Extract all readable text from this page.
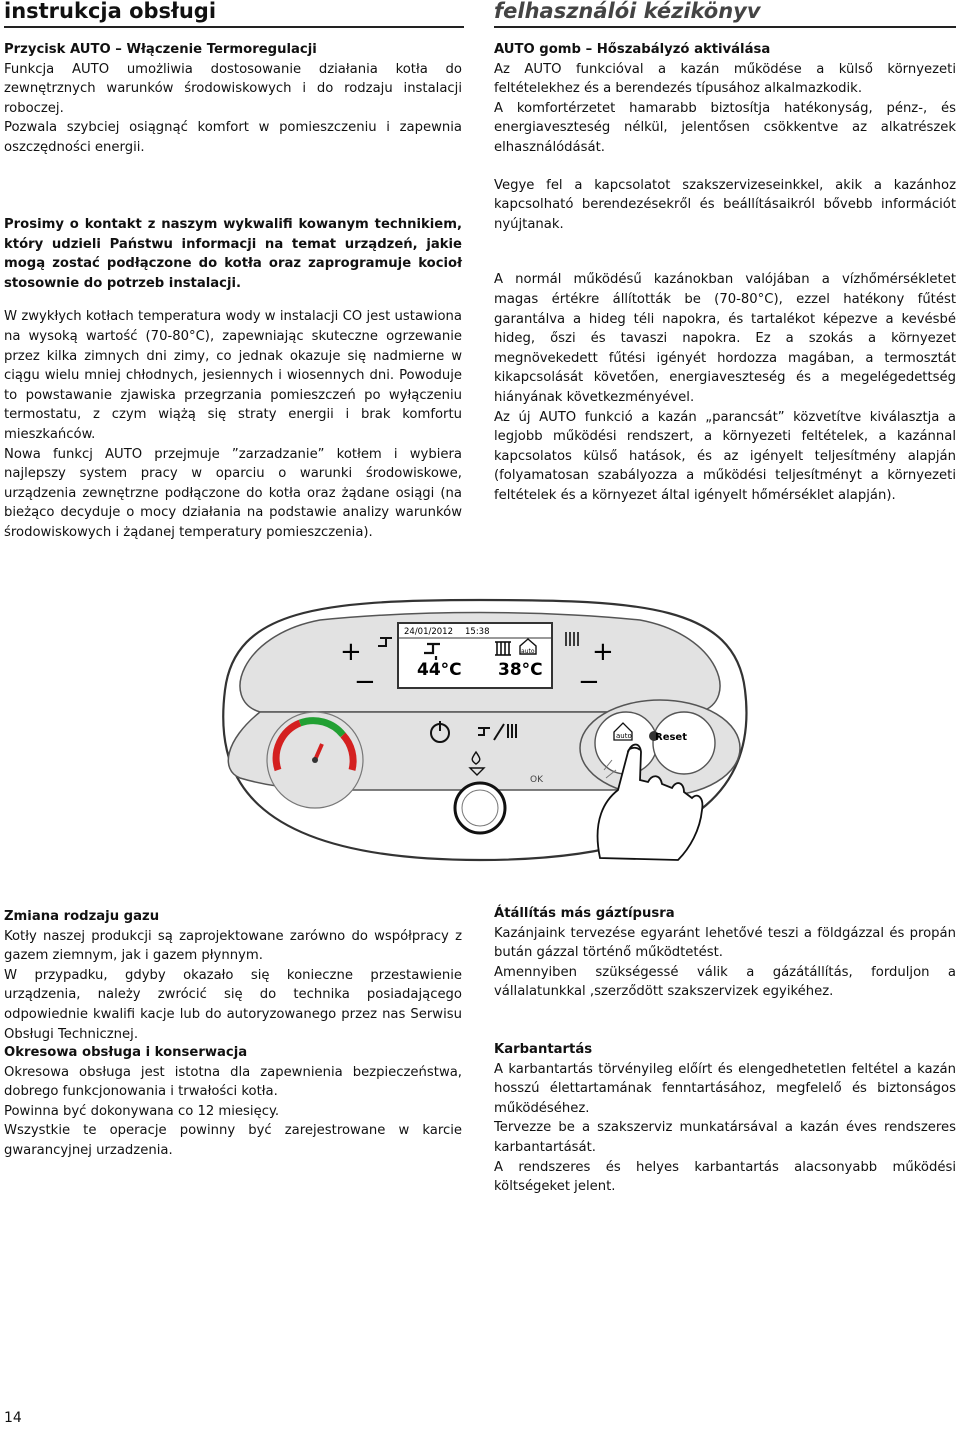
instrukcja obsługi	felhasználói kézikönyv

Przycisk AUTO – Włączenie Termoregulacji

Funkcja AUTO umożliwia dostosowanie działania kotła do zewnętrznych warunków środowiskowych i do rodzaju instalacji roboczej.

Pozwala szybciej osiągnąć komfort w pomieszczeniu i zapewnia oszczędności energii.

Prosimy o kontakt z naszym wykwalifi kowanym technikiem, który udzieli Państwu informacji na temat urządzeń, jakie mogą zostać podłączone do kotła oraz zaprogramuje kocioł stosownie do potrzeb instalacji.

W zwykłych kotłach temperatura wody w instalacji CO jest ustawiona na wysoką wartość (70-80°C), zapewniając skuteczne ogrzewanie przez kilka zimnych dni zimy, co jednak okazuje się nadmierne w ciągu wielu mniej chłodnych, jesiennych i wiosennych dni. Powoduje to powstawanie zjawiska przegrzania pomieszczeń po wyłączeniu termostatu, z czym wiążą się straty energii i brak komfortu mieszkańców.

Nowa funkcj AUTO przejmuje ”zarzadzanie” kotłem i wybiera najlepszy system pracy w oparciu o warunki środowiskowe, urządzenia zewnętrzne podłączone do kotła oraz żądane osiągi (na bieżąco decyduje o mocy działania na podstawie analizy warunków środowiskowych i żądanej temperatury pomieszczenia).

AUTO gomb – Hőszabályzó aktiválása

Az AUTO funkcióval a kazán működése a külső környezeti feltételekhez és a berendezés típusához alkalmazkodik.

A komfortérzetet hamarabb biztosítja hatékonyság, pénz-, és energiaveszteség nélkül, jelentősen csökkentve az alkatrészek elhasználódását.

Vegye fel a kapcsolatot szakszervizeseinkkel, akik a kazánhoz kapcsolható berendezésekről és beállításaikról bővebb információt nyújtanak.

A normál működésű kazánokban valójában a vízhőmérsékletet magas értékre állították be (70-80°C), ezzel hatékony fűtést garantálva a hideg téli napokra, és tartalékot képezve a kevésbé hideg, őszi és tavaszi napokra. Ez a szokás a környezet megnövekedett fűtési igényét hordozza magában, a termosztát kikapcsolását követően, energiaveszteség és a megelégedettség hiányának következményével.

Az új AUTO funkció a kazán „parancsát” közvetítve kiválasztja a legjobb működési rendszert, a környezeti feltételek, a kazánnal kapcsolatos külső hatások, és az igényelt teljesítmény alapján (folyamatosan szabályozza a működési teljesítményt a környezeti feltételek és a környezet által igényelt hőmérséklet alapján).

24/01/2012 15:38
44°C 38°C
auto
+
−
+
−
OK
auto Reset

Zmiana rodzaju gazu

Kotły naszej produkcji są zaprojektowane zarówno do współpracy z gazem ziemnym, jak i gazem płynnym.

W przypadku, gdyby okazało się konieczne przestawienie urządzenia, należy zwrócić się do technika posiadającego odpowiednie kwalifi kacje lub do autoryzowanego przez nas Serwisu Obsługi Technicznej.

Okresowa obsługa i konserwacja

Okresowa obsługa jest istotna dla zapewnienia bezpieczeństwa, dobrego funkcjonowania i trwałości kotła.

Powinna być dokonywana co 12 miesięcy.

Wszystkie te operacje powinny być zarejestrowane w karcie gwarancyjnej urzadzenia.

Átállítás más gáztípusra

Kazánjaink tervezése egyaránt lehetővé teszi a földgázzal és propán bután gázzal történő működtetést.

Amennyiben szükségessé válik a gázátállítás, forduljon a vállalatunkkal ,szerződött szakszervizek egyikéhez.

Karbantartás

A karbantartás törvényileg előírt és elengedhetetlen feltétel a kazán hosszú élettartamának fenntartásához, megfelelő és biztonságos működéséhez.

Tervezze be a szakszerviz munkatársával a kazán éves rendszeres karbantartását.

A rendszeres és helyes karbantartás alacsonyabb működési költségeket jelent.

14
